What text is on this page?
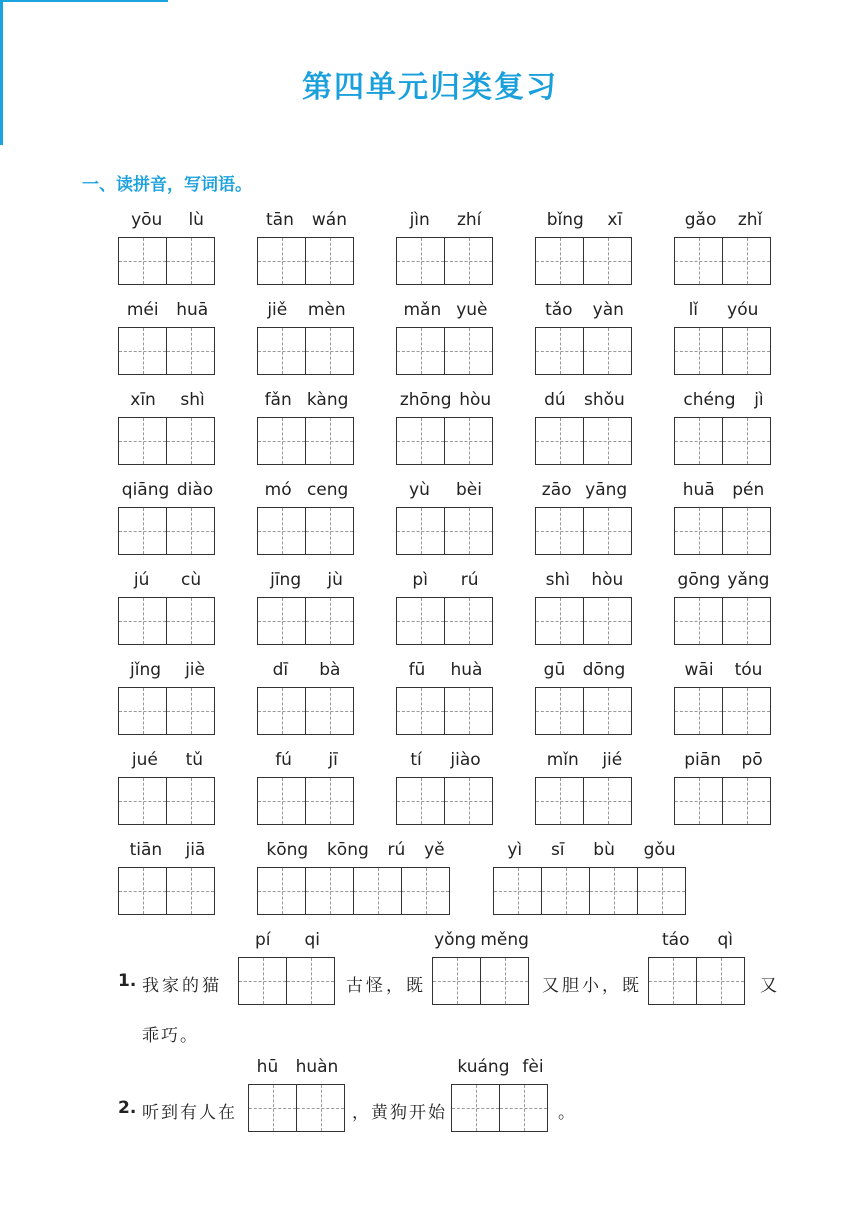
第四单元归类复习
一、读拼音，写词语。
yōu lù	tān wán	jìn zhí	bǐng xī	gǎo zhǐ
méi huā	jiě mèn	mǎn yuè	tǎo yàn	lǐ yóu
xīn shì	fǎn kàng	zhōng hòu	dú shǒu	chéng jì
qiāng diào	mó ceng	yù bèi	zāo yāng	huā pén
jú cù	jīng jù	pì rú	shì hòu	gōng yǎng
jǐng jiè	dī bà	fū huà	gū dōng	wāi tóu
jué tǔ	fú jī	tí jiào	mǐn jié	piān pō
tiān jiā	kōng kōng rú yě	yì sī bù gǒu
1. 我家的猫
pí qi
古怪，既
yǒng měng
又胆小，既
táo qì
又
乖巧。
2. 听到有人在
hū huàn
，黄狗开始
kuáng fèi
。
